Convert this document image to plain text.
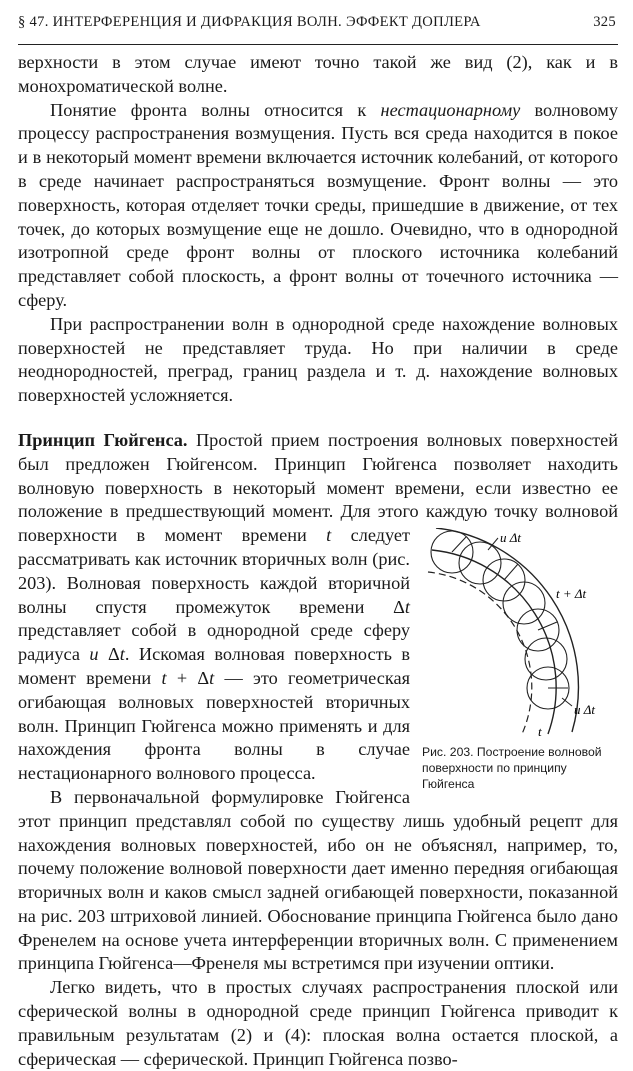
§ 47. ИНТЕРФЕРЕНЦИЯ И ДИФРАКЦИЯ ВОЛН. ЭФФЕКТ ДОПЛЕРА	325

верхности в этом случае имеют точно такой же вид (2), как и в монохроматической волне.

Понятие фронта волны относится к нестационарному волновому процессу распространения возмущения. Пусть вся среда находится в покое и в некоторый момент времени включается источник колебаний, от которого в среде начинает распространяться возмущение. Фронт волны — это поверхность, которая отделяет точки среды, пришедшие в движение, от тех точек, до которых возмущение еще не дошло. Очевидно, что в однородной изотропной среде фронт волны от плоского источника колебаний представляет собой плоскость, а фронт волны от точечного источника — сферу.

При распространении волн в однородной среде нахождение волновых поверхностей не представляет труда. Но при наличии в среде неоднородностей, преград, границ раздела и т. д. нахождение волновых поверхностей усложняется.

Принцип Гюйгенса. Простой прием построения волновых поверхностей был предложен Гюйгенсом. Принцип Гюйгенса позволяет находить волновую поверхность в некоторый момент времени, если известно ее положение в предшествующий момент. Для этого каждую точку волновой поверхности в момент времени t	u Δt
t + Δt
u Δt
t
Рис. 203. Построение волновой поверхности по принципу Гюйгенса
следует рассматривать как источник вторичных волн (рис. 203). Волновая поверхность каждой вторичной волны спустя промежуток времени Δt представляет собой в однородной среде сферу радиуса u Δt. Искомая волновая поверхность в момент времени t + Δt — это геометрическая огибающая волновых поверхностей вторичных волн. Принцип Гюйгенса можно применять и для нахождения фронта волны в случае нестационарного волнового процесса.

В первоначальной формулировке Гюйгенса этот принцип представлял собой по существу лишь удобный рецепт для нахождения волновых поверхностей, ибо он не объяснял, например, то, почему положение волновой поверхности дает именно передняя огибающая вторичных волн и каков смысл задней огибающей поверхности, показанной на рис. 203 штриховой линией. Обоснование принципа Гюйгенса было дано Френелем на основе учета интерференции вторичных волн. С применением принципа Гюйгенса—Френеля мы встретимся при изучении оптики.

Легко видеть, что в простых случаях распространения плоской или сферической волны в однородной среде принцип Гюйгенса приводит к правильным результатам (2) и (4): плоская волна остается плоской, а сферическая — сферической. Принцип Гюйгенса позво-
